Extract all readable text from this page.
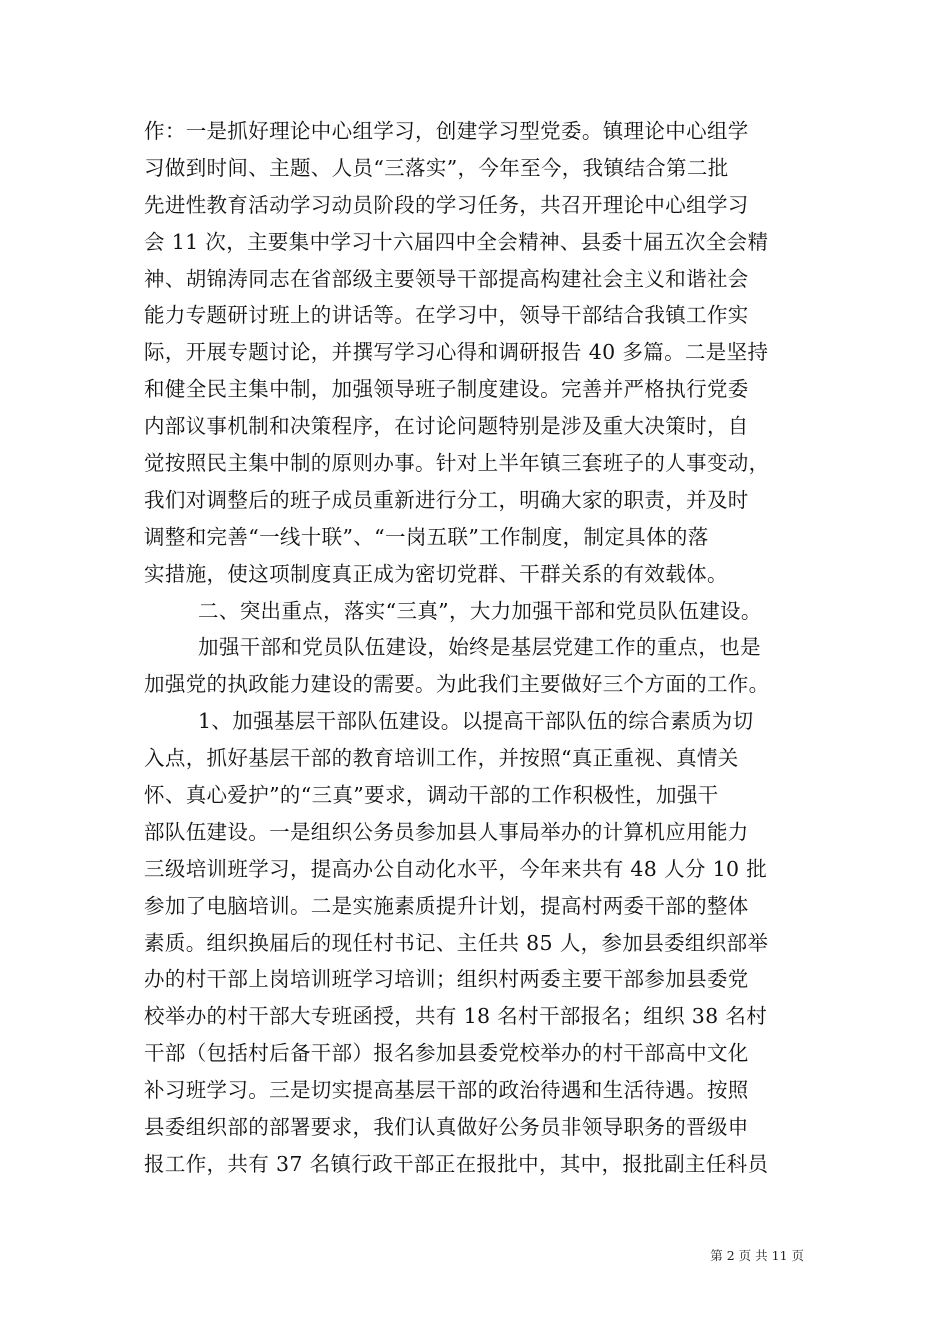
作：一是抓好理论中心组学习，创建学习型党委。镇理论中心组学
习做到时间、主题、人员“三落实”，今年至今，我镇结合第二批
先进性教育活动学习动员阶段的学习任务，共召开理论中心组学习
会 11 次，主要集中学习十六届四中全会精神、县委十届五次全会精
神、胡锦涛同志在省部级主要领导干部提高构建社会主义和谐社会
能力专题研讨班上的讲话等。在学习中，领导干部结合我镇工作实
际，开展专题讨论，并撰写学习心得和调研报告 40 多篇。二是坚持
和健全民主集中制，加强领导班子制度建设。完善并严格执行党委
内部议事机制和决策程序，在讨论问题特别是涉及重大决策时，自
觉按照民主集中制的原则办事。针对上半年镇三套班子的人事变动，
我们对调整后的班子成员重新进行分工，明确大家的职责，并及时
调整和完善“一线十联”、“一岗五联”工作制度，制定具体的落
实措施，使这项制度真正成为密切党群、干群关系的有效载体。
二、突出重点，落实“三真”，大力加强干部和党员队伍建设。
加强干部和党员队伍建设，始终是基层党建工作的重点，也是
加强党的执政能力建设的需要。为此我们主要做好三个方面的工作。
1、加强基层干部队伍建设。以提高干部队伍的综合素质为切
入点，抓好基层干部的教育培训工作，并按照“真正重视、真情关
怀、真心爱护”的“三真”要求，调动干部的工作积极性，加强干
部队伍建设。一是组织公务员参加县人事局举办的计算机应用能力
三级培训班学习，提高办公自动化水平，今年来共有 48 人分 10 批
参加了电脑培训。二是实施素质提升计划，提高村两委干部的整体
素质。组织换届后的现任村书记、主任共 85 人，参加县委组织部举
办的村干部上岗培训班学习培训；组织村两委主要干部参加县委党
校举办的村干部大专班函授，共有 18 名村干部报名；组织 38 名村
干部（包括村后备干部）报名参加县委党校举办的村干部高中文化
补习班学习。三是切实提高基层干部的政治待遇和生活待遇。按照
县委组织部的部署要求，我们认真做好公务员非领导职务的晋级申
报工作，共有 37 名镇行政干部正在报批中，其中，报批副主任科员
第 2 页 共 11 页
